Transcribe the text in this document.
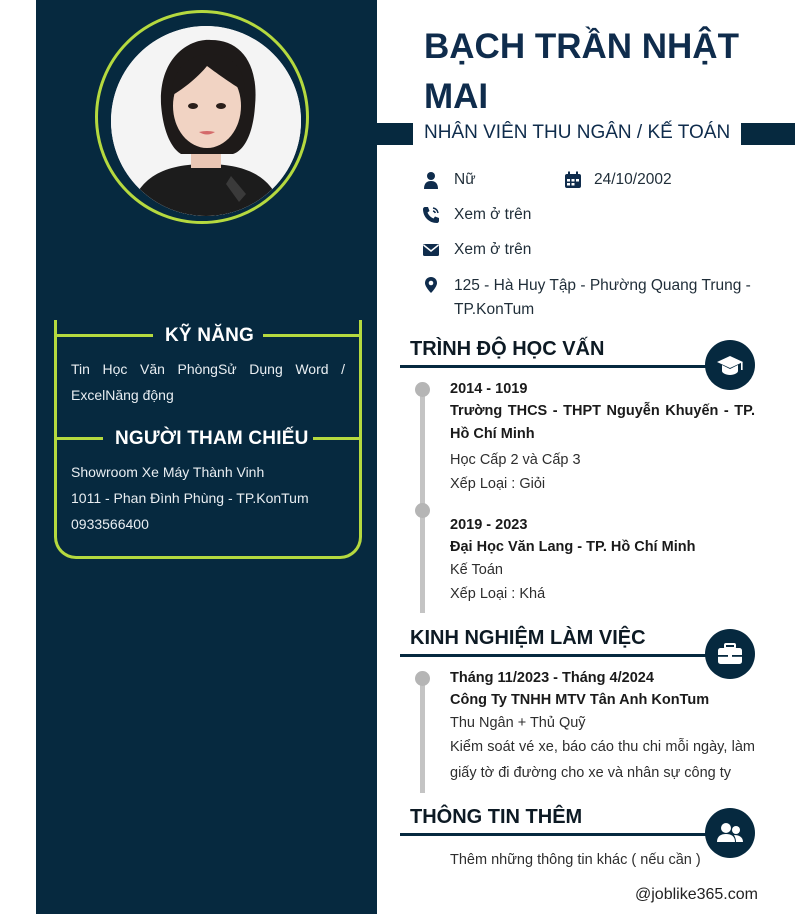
KỸ NĂNG
Tin Học Văn PhòngSử Dụng Word / ExcelNăng động
NGƯỜI THAM CHIẾU
Showroom Xe Máy Thành Vinh
1011 - Phan Đình Phùng - TP.KonTum
0933566400
BẠCH TRẦN NHẬT MAI
NHÂN VIÊN THU NGÂN / KẾ TOÁN
Nữ	24/10/2002
Xem ở trên
Xem ở trên
125 - Hà Huy Tập - Phường Quang Trung - TP.KonTum
TRÌNH ĐỘ HỌC VẤN
2014 - 1019
Trường THCS - THPT Nguyễn Khuyến - TP. Hồ Chí Minh
Học Cấp 2 và Cấp 3
Xếp Loại : Giỏi
2019 - 2023
Đại Học Văn Lang - TP. Hồ Chí Minh
Kế Toán
Xếp Loại : Khá
KINH NGHIỆM LÀM VIỆC
Tháng 11/2023 - Tháng 4/2024
Công Ty TNHH MTV Tân Anh KonTum
Thu Ngân + Thủ Quỹ
Kiểm soát vé xe, báo cáo thu chi mỗi ngày, làm giấy tờ đi đường cho xe và nhân sự công ty
THÔNG TIN THÊM
Thêm những thông tin khác ( nếu cần )
@joblike365.com
